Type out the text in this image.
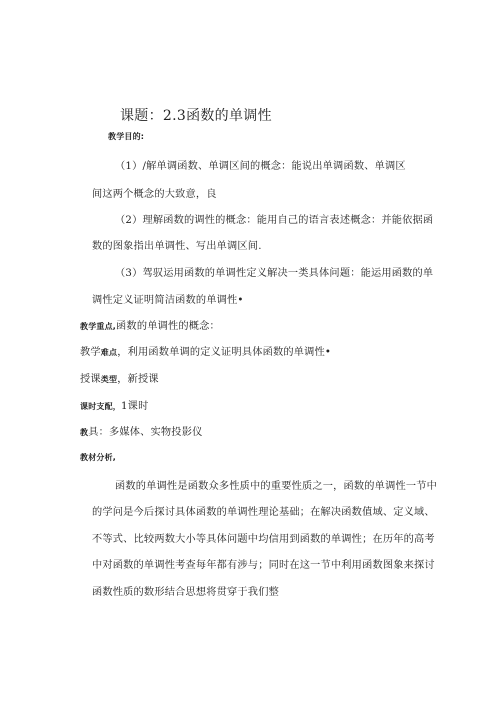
课题：2.3函数的单调性
教学目的:
（1）/解单调函数、单调区间的概念：能说出单调函数、单调区
间这两个概念的大致意，良
（2）理解函数的调性的概念：能用自己的语言表述概念：并能依据函
数的图象指出单调性、写出单调区间.
（3）驾驭运用函数的单调性定义解决一类具体问题：能运用函数的单
调性定义证明简洁函数的单调性•
教学重点,函数的单调性的概念：
教学难点，利用函数单调的定义证明具体函数的单调性•
授课类型，新授课
课时支配，1课时
教具：多媒体、实物投影仪
教材分析,
函数的单调性是函数众多性质中的重要性质之一，函数的单调性一节中
的学问是今后探讨具体函数的单调性理论基础；在解决函数值域、定义域、
不等式、比较两数大小等具体问题中均信用到函数的单调性；在历年的高考
中对函数的单调性考查每年都有涉与；同时在这一节中利用函数图象来探讨
函数性质的数形结合思想将贯穿于我们整
